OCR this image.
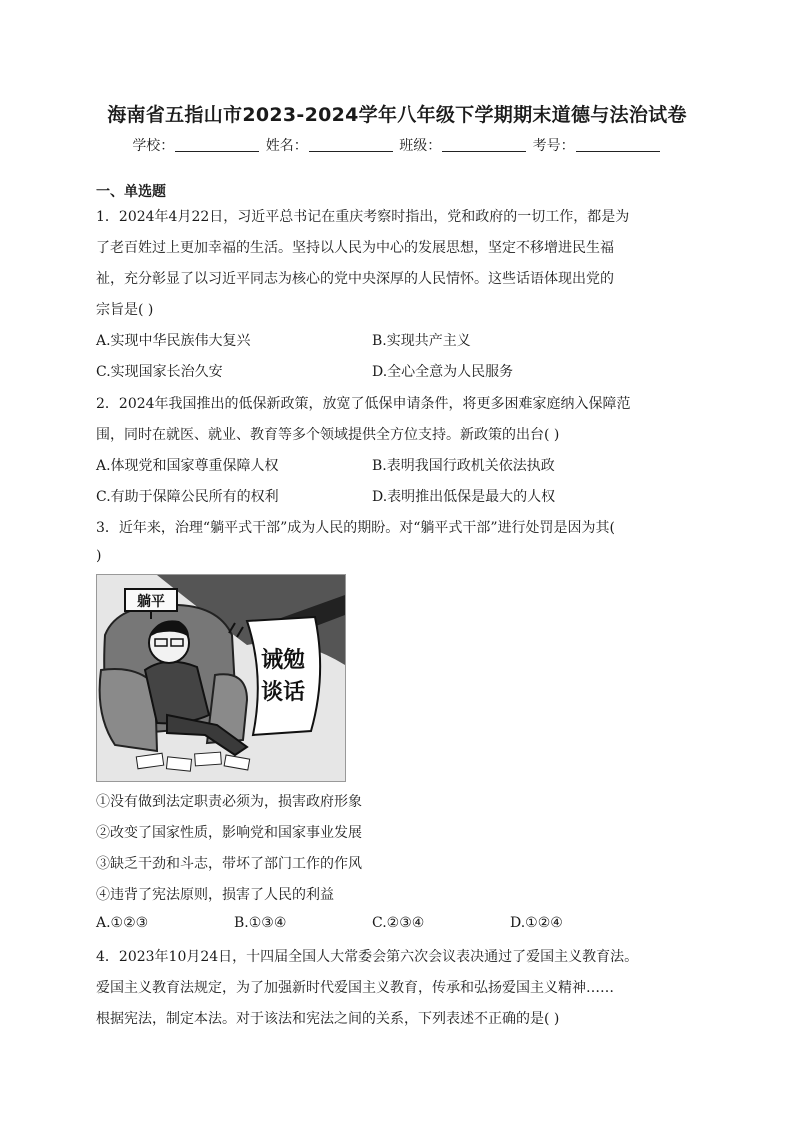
海南省五指山市2023-2024学年八年级下学期期末道德与法治试卷
学校：	姓名：	班级：	考号：
一、单选题
1．2024年4月22日，习近平总书记在重庆考察时指出，党和政府的一切工作，都是为
了老百姓过上更加幸福的生活。坚持以人民为中心的发展思想，坚定不移增进民生福
祉，充分彰显了以习近平同志为核心的党中央深厚的人民情怀。这些话语体现出党的
宗旨是( )
A.实现中华民族伟大复兴	B.实现共产主义
C.实现国家长治久安	D.全心全意为人民服务
2．2024年我国推出的低保新政策，放宽了低保申请条件，将更多困难家庭纳入保障范
围，同时在就医、就业、教育等多个领域提供全方位支持。新政策的出台( )
A.体现党和国家尊重保障人权	B.表明我国行政机关依法执政
C.有助于保障公民所有的权利	D.表明推出低保是最大的人权
3．近年来，治理“躺平式干部”成为人民的期盼。对“躺平式干部”进行处罚是因为其(
)
躺平
诫勉
谈话
①没有做到法定职责必须为，损害政府形象
②改变了国家性质，影响党和国家事业发展
③缺乏干劲和斗志，带坏了部门工作的作风
④违背了宪法原则，损害了人民的利益
A.①②③	B.①③④	C.②③④	D.①②④
4．2023年10月24日，十四届全国人大常委会第六次会议表决通过了爱国主义教育法。
爱国主义教育法规定，为了加强新时代爱国主义教育，传承和弘扬爱国主义精神……
根据宪法，制定本法。对于该法和宪法之间的关系，下列表述不正确的是( )
